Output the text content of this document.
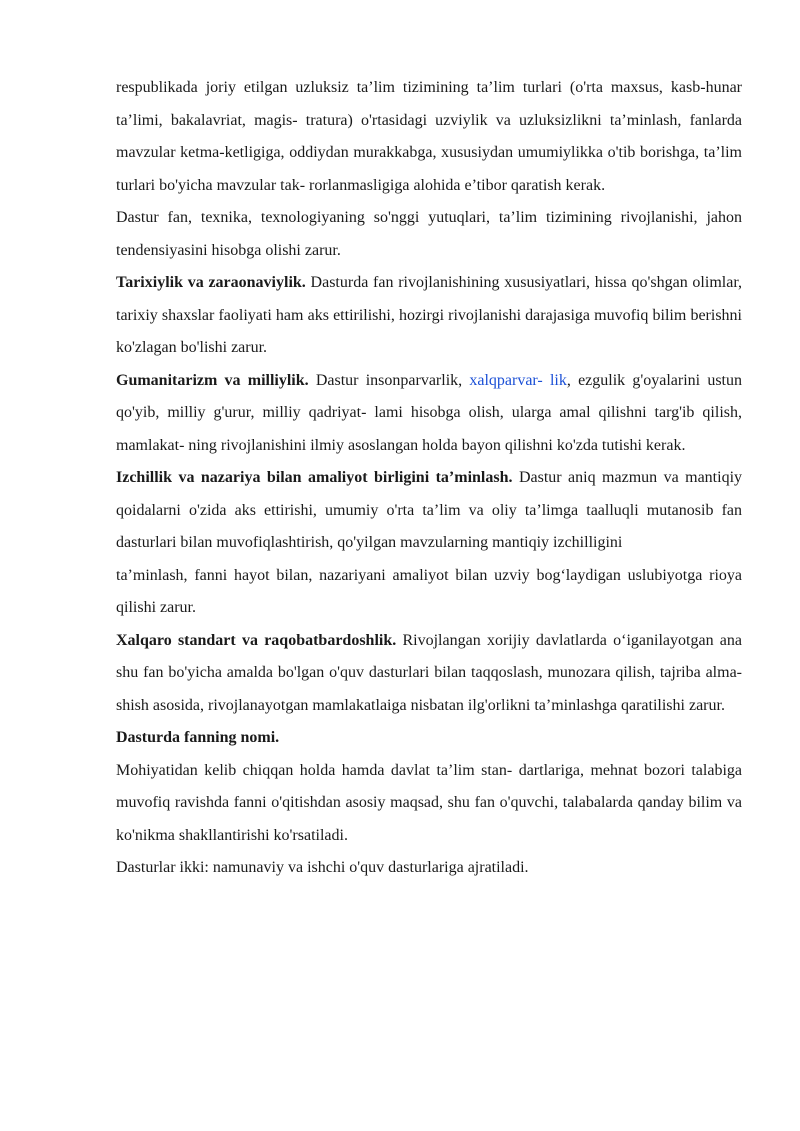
respublikada joriy etilgan uzluksiz ta’lim tizimining ta’lim turlari (o'rta maxsus, kasb-hunar ta’limi, bakalavriat, magis- tratura) o'rtasidagi uzviylik va uzluksizlikni ta’minlash, fanlarda mavzular ketma-ketligiga, oddiydan murakkabga, xususiydan umumiylikka o'tib borishga, ta’lim turlari bo'yicha mavzular tak- rorlanmasligiga alohida e’tibor qaratish kerak.

Dastur fan, texnika, texnologiyaning so'nggi yutuqlari, ta’lim tizimining rivojlanishi, jahon tendensiyasini hisobga olishi zarur.

Tarixiylik va zaraonaviylik. Dasturda fan rivojlanishining xususiyatlari, hissa qo'shgan olimlar, tarixiy shaxslar faoliyati ham aks ettirilishi, hozirgi rivojlanishi darajasiga muvofiq bilim berishni ko'zlagan bo'lishi zarur.

Gumanitarizm va milliylik. Dastur insonparvarlik, xalqparvar- lik, ezgulik g'oyalarini ustun qo'yib, milliy g'urur, milliy qadriyat- lami hisobga olish, ularga amal qilishni targ'ib qilish, mamlakat- ning rivojlanishini ilmiy asoslangan holda bayon qilishni ko'zda tutishi kerak.

Izchillik va nazariya bilan amaliyot birligini ta’minlash. Dastur aniq mazmun va mantiqiy qoidalarni o'zida aks ettirishi, umumiy o'rta ta’lim va oliy ta’limga taalluqli mutanosib fan dasturlari bilan muvofiqlashtirish, qo'yilgan mavzularning mantiqiy izchilligini

ta’minlash, fanni hayot bilan, nazariyani amaliyot bilan uzviy bog‘laydigan uslubiyotga rioya qilishi zarur.

Xalqaro standart va raqobatbardoshlik. Rivojlangan xorijiy davlatlarda o‘iganilayotgan ana shu fan bo'yicha amalda bo'lgan o'quv dasturlari bilan taqqoslash, munozara qilish, tajriba alma- shish asosida, rivojlanayotgan mamlakatlaiga nisbatan ilg'orlikni ta’minlashga qaratilishi zarur.

Dasturda fanning nomi.

Mohiyatidan kelib chiqqan holda hamda davlat ta’lim stan- dartlariga, mehnat bozori talabiga muvofiq ravishda fanni o'qitishdan asosiy maqsad, shu fan o'quvchi, talabalarda qanday bilim va ko'nikma shakllantirishi ko'rsatiladi.

Dasturlar ikki: namunaviy va ishchi o'quv dasturlariga ajratiladi.
